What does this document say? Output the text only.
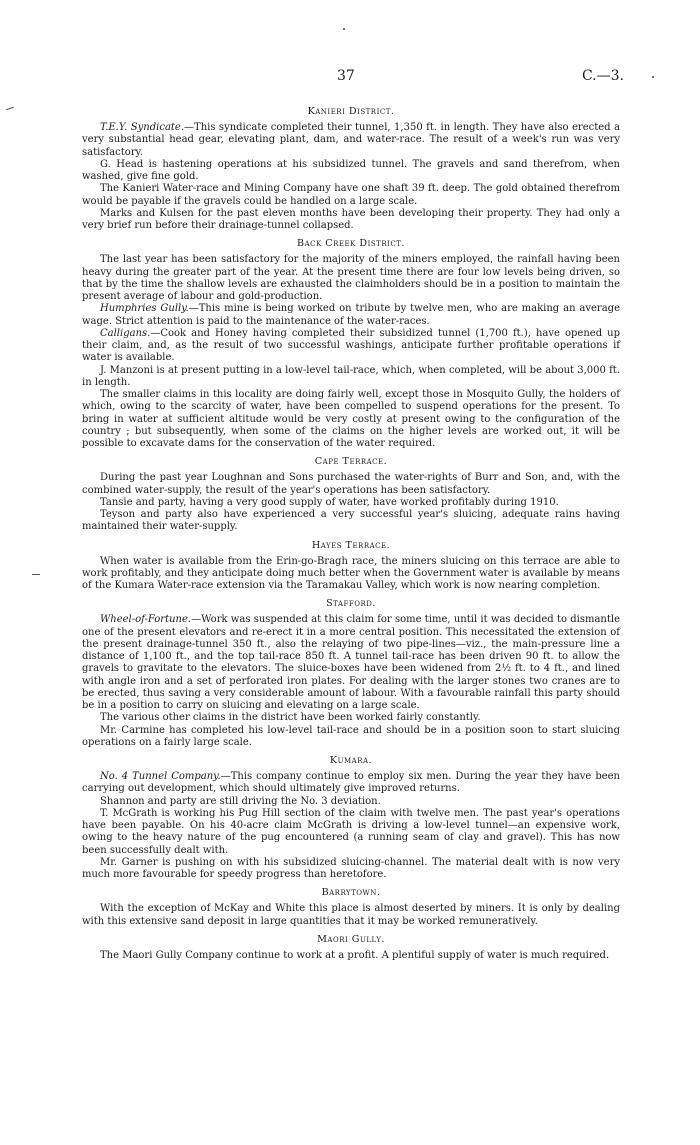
37	C.—3.
Kanieri District.

T.E.Y. Syndicate.—This syndicate completed their tunnel, 1,350 ft. in length. They have also erected a very substantial head gear, elevating plant, dam, and water-race. The result of a week's run was very satisfactory.

G. Head is hastening operations at his subsidized tunnel. The gravels and sand therefrom, when washed, give fine gold.

The Kanieri Water-race and Mining Company have one shaft 39 ft. deep. The gold obtained therefrom would be payable if the gravels could be handled on a large scale.

Marks and Kulsen for the past eleven months have been developing their property. They had only a very brief run before their drainage-tunnel collapsed.

Back Creek District.

The last year has been satisfactory for the majority of the miners employed, the rainfall having been heavy during the greater part of the year. At the present time there are four low levels being driven, so that by the time the shallow levels are exhausted the claimholders should be in a position to maintain the present average of labour and gold-production.

Humphries Gully.—This mine is being worked on tribute by twelve men, who are making an average wage. Strict attention is paid to the maintenance of the water-races.

Calligans.—Cook and Honey having completed their subsidized tunnel (1,700 ft.), have opened up their claim, and, as the result of two successful washings, anticipate further profitable operations if water is available.

J. Manzoni is at present putting in a low-level tail-race, which, when completed, will be about 3,000 ft. in length.

The smaller claims in this locality are doing fairly well, except those in Mosquito Gully, the holders of which, owing to the scarcity of water, have been compelled to suspend operations for the present. To bring in water at sufficient altitude would be very costly at present owing to the configuration of the country ; but subsequently, when some of the claims on the higher levels are worked out, it will be possible to excavate dams for the conservation of the water required.

Cape Terrace.

During the past year Loughnan and Sons purchased the water-rights of Burr and Son, and, with the combined water-supply, the result of the year's operations has been satisfactory.

Tansie and party, having a very good supply of water, have worked profitably during 1910.

Teyson and party also have experienced a very successful year's sluicing, adequate rains having maintained their water-supply.

Hayes Terrace.

When water is available from the Erin-go-Bragh race, the miners sluicing on this terrace are able to work profitably, and they anticipate doing much better when the Government water is available by means of the Kumara Water-race extension via the Taramakau Valley, which work is now nearing completion.

Stafford.

Wheel-of-Fortune.—Work was suspended at this claim for some time, until it was decided to dismantle one of the present elevators and re-erect it in a more central position. This necessitated the extension of the present drainage-tunnel 350 ft., also the relaying of two pipe-lines—viz., the main-pressure line a distance of 1,100 ft., and the top tail-race 850 ft. A tunnel tail-race has been driven 90 ft. to allow the gravels to gravitate to the elevators. The sluice-boxes have been widened from 2½ ft. to 4 ft., and lined with angle iron and a set of perforated iron plates. For dealing with the larger stones two cranes are to be erected, thus saving a very considerable amount of labour. With a favourable rainfall this party should be in a position to carry on sluicing and elevating on a large scale.

The various other claims in the district have been worked fairly constantly.

Mr. Carmine has completed his low-level tail-race and should be in a position soon to start sluicing operations on a fairly large scale.

Kumara.

No. 4 Tunnel Company.—This company continue to employ six men. During the year they have been carrying out development, which should ultimately give improved returns.

Shannon and party are still driving the No. 3 deviation.

T. McGrath is working his Pug Hill section of the claim with twelve men. The past year's operations have been payable. On his 40-acre claim McGrath is driving a low-level tunnel—an expensive work, owing to the heavy nature of the pug encountered (a running seam of clay and gravel). This has now been successfully dealt with.

Mr. Garner is pushing on with his subsidized sluicing-channel. The material dealt with is now very much more favourable for speedy progress than heretofore.

Barrytown.

With the exception of McKay and White this place is almost deserted by miners. It is only by dealing with this extensive sand deposit in large quantities that it may be worked remuneratively.

Maori Gully.

The Maori Gully Company continue to work at a profit. A plentiful supply of water is much required.
